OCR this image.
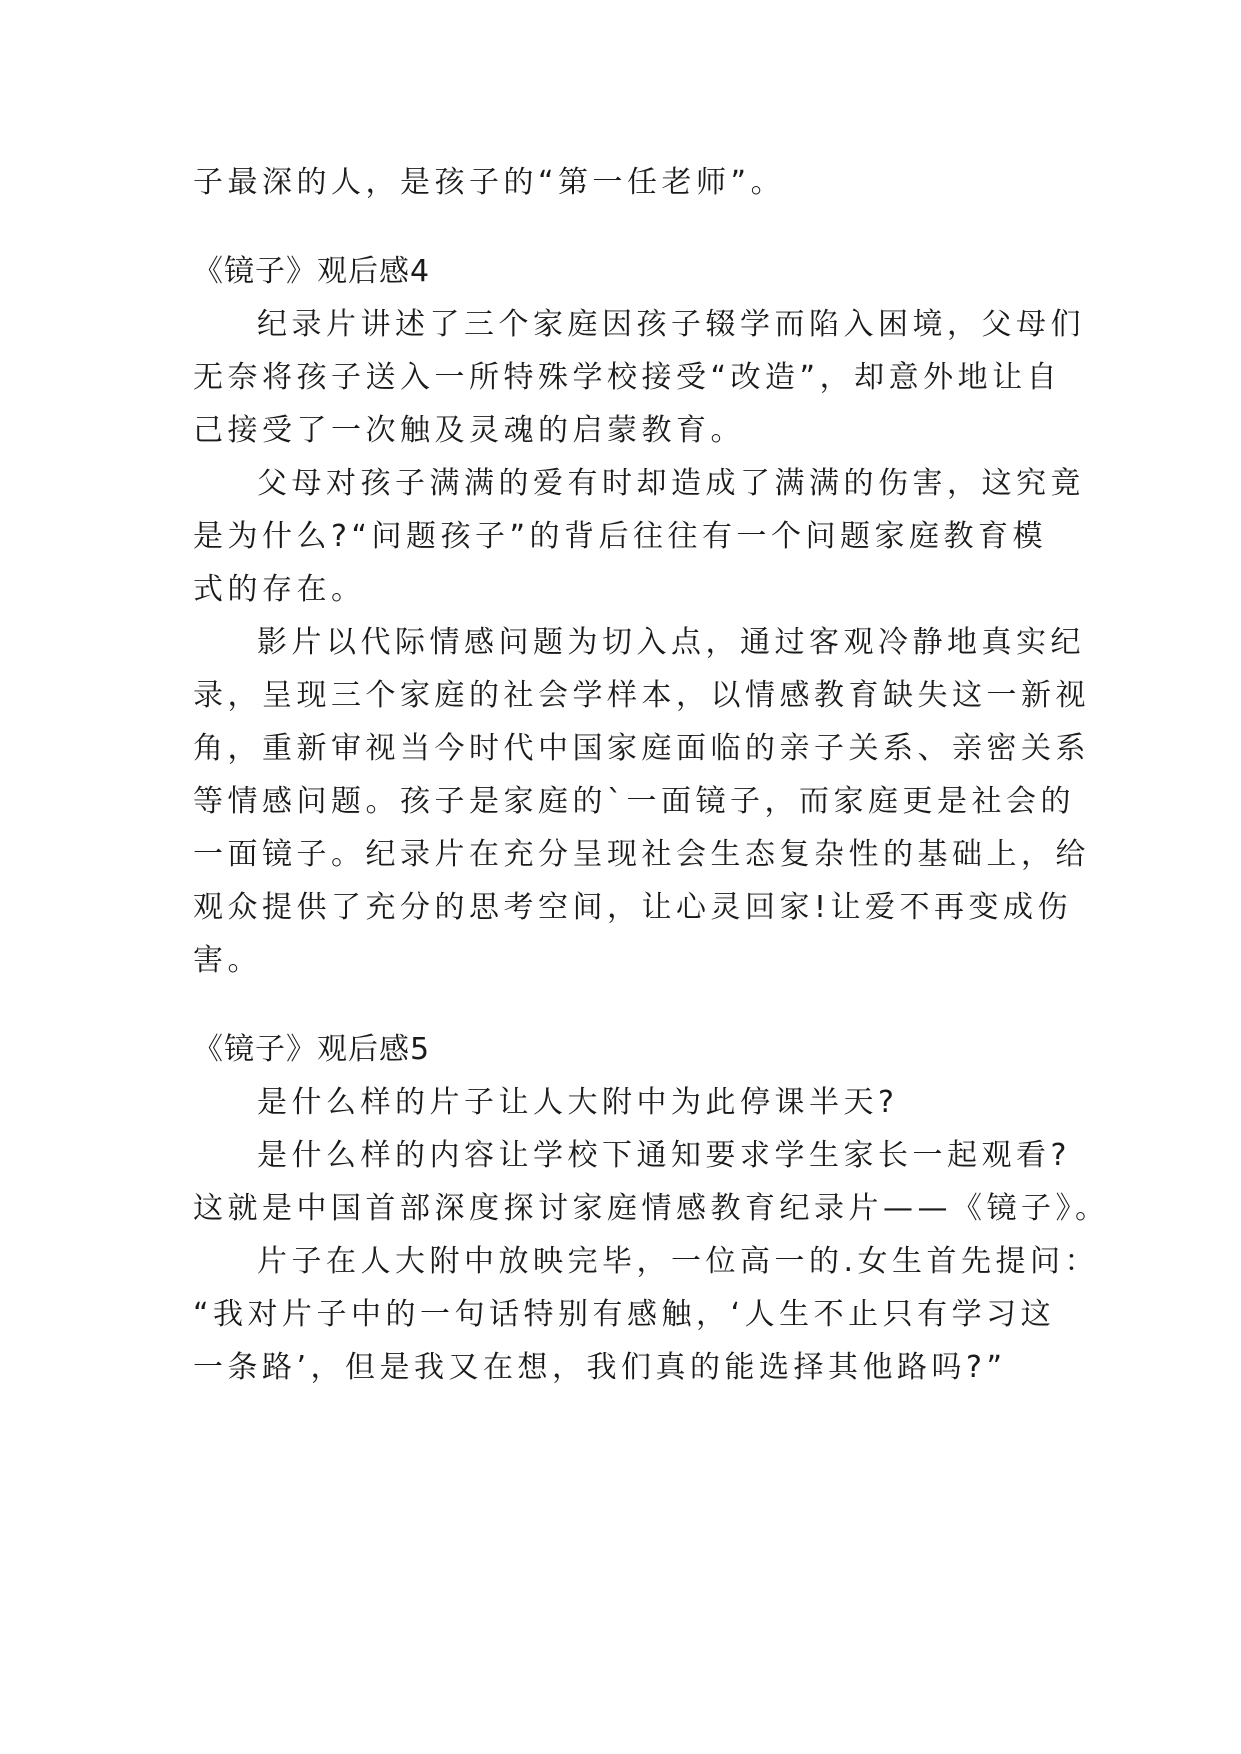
子最深的人，是孩子的“第一任老师”。
《镜子》观后感4
纪录片讲述了三个家庭因孩子辍学而陷入困境，父母们
无奈将孩子送入一所特殊学校接受“改造”，却意外地让自
己接受了一次触及灵魂的启蒙教育。
父母对孩子满满的爱有时却造成了满满的伤害，这究竟
是为什么?“问题孩子”的背后往往有一个问题家庭教育模
式的存在。
影片以代际情感问题为切入点，通过客观冷静地真实纪
录，呈现三个家庭的社会学样本，以情感教育缺失这一新视
角，重新审视当今时代中国家庭面临的亲子关系、亲密关系
等情感问题。孩子是家庭的`一面镜子，而家庭更是社会的
一面镜子。纪录片在充分呈现社会生态复杂性的基础上，给
观众提供了充分的思考空间，让心灵回家!让爱不再变成伤
害。
《镜子》观后感5
是什么样的片子让人大附中为此停课半天?
是什么样的内容让学校下通知要求学生家长一起观看?
这就是中国首部深度探讨家庭情感教育纪录片——《镜子》。
片子在人大附中放映完毕，一位高一的.女生首先提问：
“我对片子中的一句话特别有感触，‘人生不止只有学习这
一条路’，但是我又在想，我们真的能选择其他路吗?”
